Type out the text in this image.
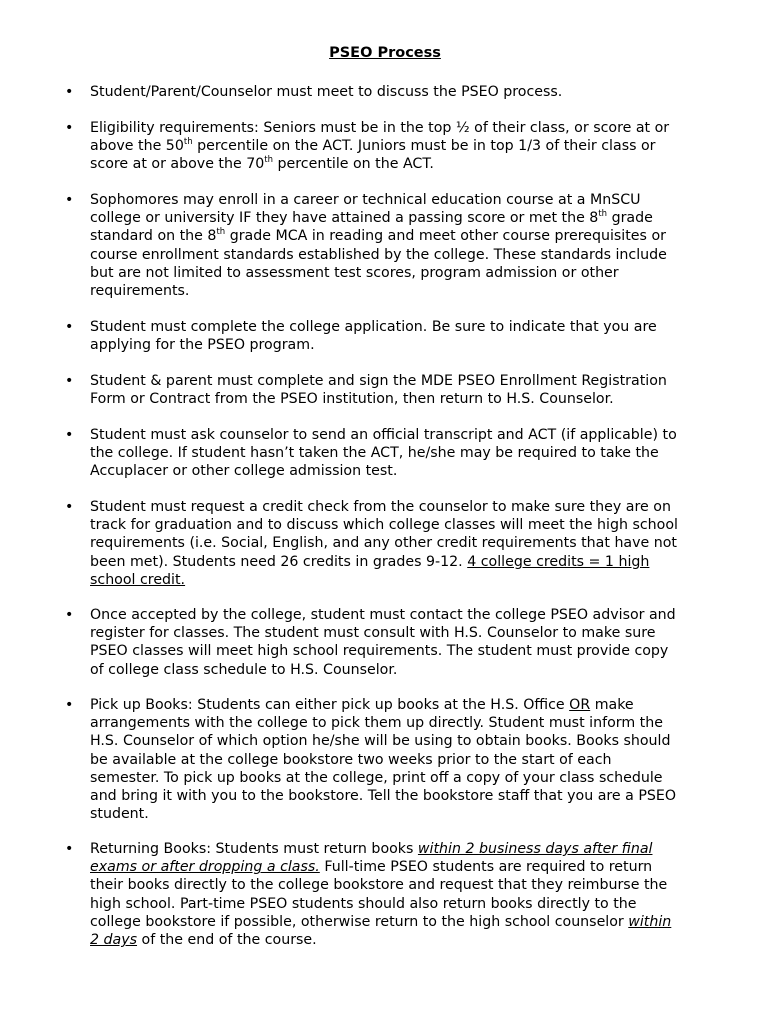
PSEO Process
• Student/Parent/Counselor must meet to discuss the PSEO process.
• Eligibility requirements: Seniors must be in the top ½ of their class, or score at or
above the 50th percentile on the ACT. Juniors must be in top 1/3 of their class or
score at or above the 70th percentile on the ACT.
• Sophomores may enroll in a career or technical education course at a MnSCU
college or university IF they have attained a passing score or met the 8th grade
standard on the 8th grade MCA in reading and meet other course prerequisites or
course enrollment standards established by the college. These standards include
but are not limited to assessment test scores, program admission or other
requirements.
• Student must complete the college application. Be sure to indicate that you are
applying for the PSEO program.
• Student & parent must complete and sign the MDE PSEO Enrollment Registration
Form or Contract from the PSEO institution, then return to H.S. Counselor.
• Student must ask counselor to send an official transcript and ACT (if applicable) to
the college. If student hasn’t taken the ACT, he/she may be required to take the
Accuplacer or other college admission test.
• Student must request a credit check from the counselor to make sure they are on
track for graduation and to discuss which college classes will meet the high school
requirements (i.e. Social, English, and any other credit requirements that have not
been met). Students need 26 credits in grades 9-12. 4 college credits = 1 high
school credit.
• Once accepted by the college, student must contact the college PSEO advisor and
register for classes. The student must consult with H.S. Counselor to make sure
PSEO classes will meet high school requirements. The student must provide copy
of college class schedule to H.S. Counselor.
• Pick up Books: Students can either pick up books at the H.S. Office OR make
arrangements with the college to pick them up directly. Student must inform the
H.S. Counselor of which option he/she will be using to obtain books. Books should
be available at the college bookstore two weeks prior to the start of each
semester. To pick up books at the college, print off a copy of your class schedule
and bring it with you to the bookstore. Tell the bookstore staff that you are a PSEO
student.
• Returning Books: Students must return books within 2 business days after final
exams or after dropping a class. Full-time PSEO students are required to return
their books directly to the college bookstore and request that they reimburse the
high school. Part-time PSEO students should also return books directly to the
college bookstore if possible, otherwise return to the high school counselor within
2 days of the end of the course.
